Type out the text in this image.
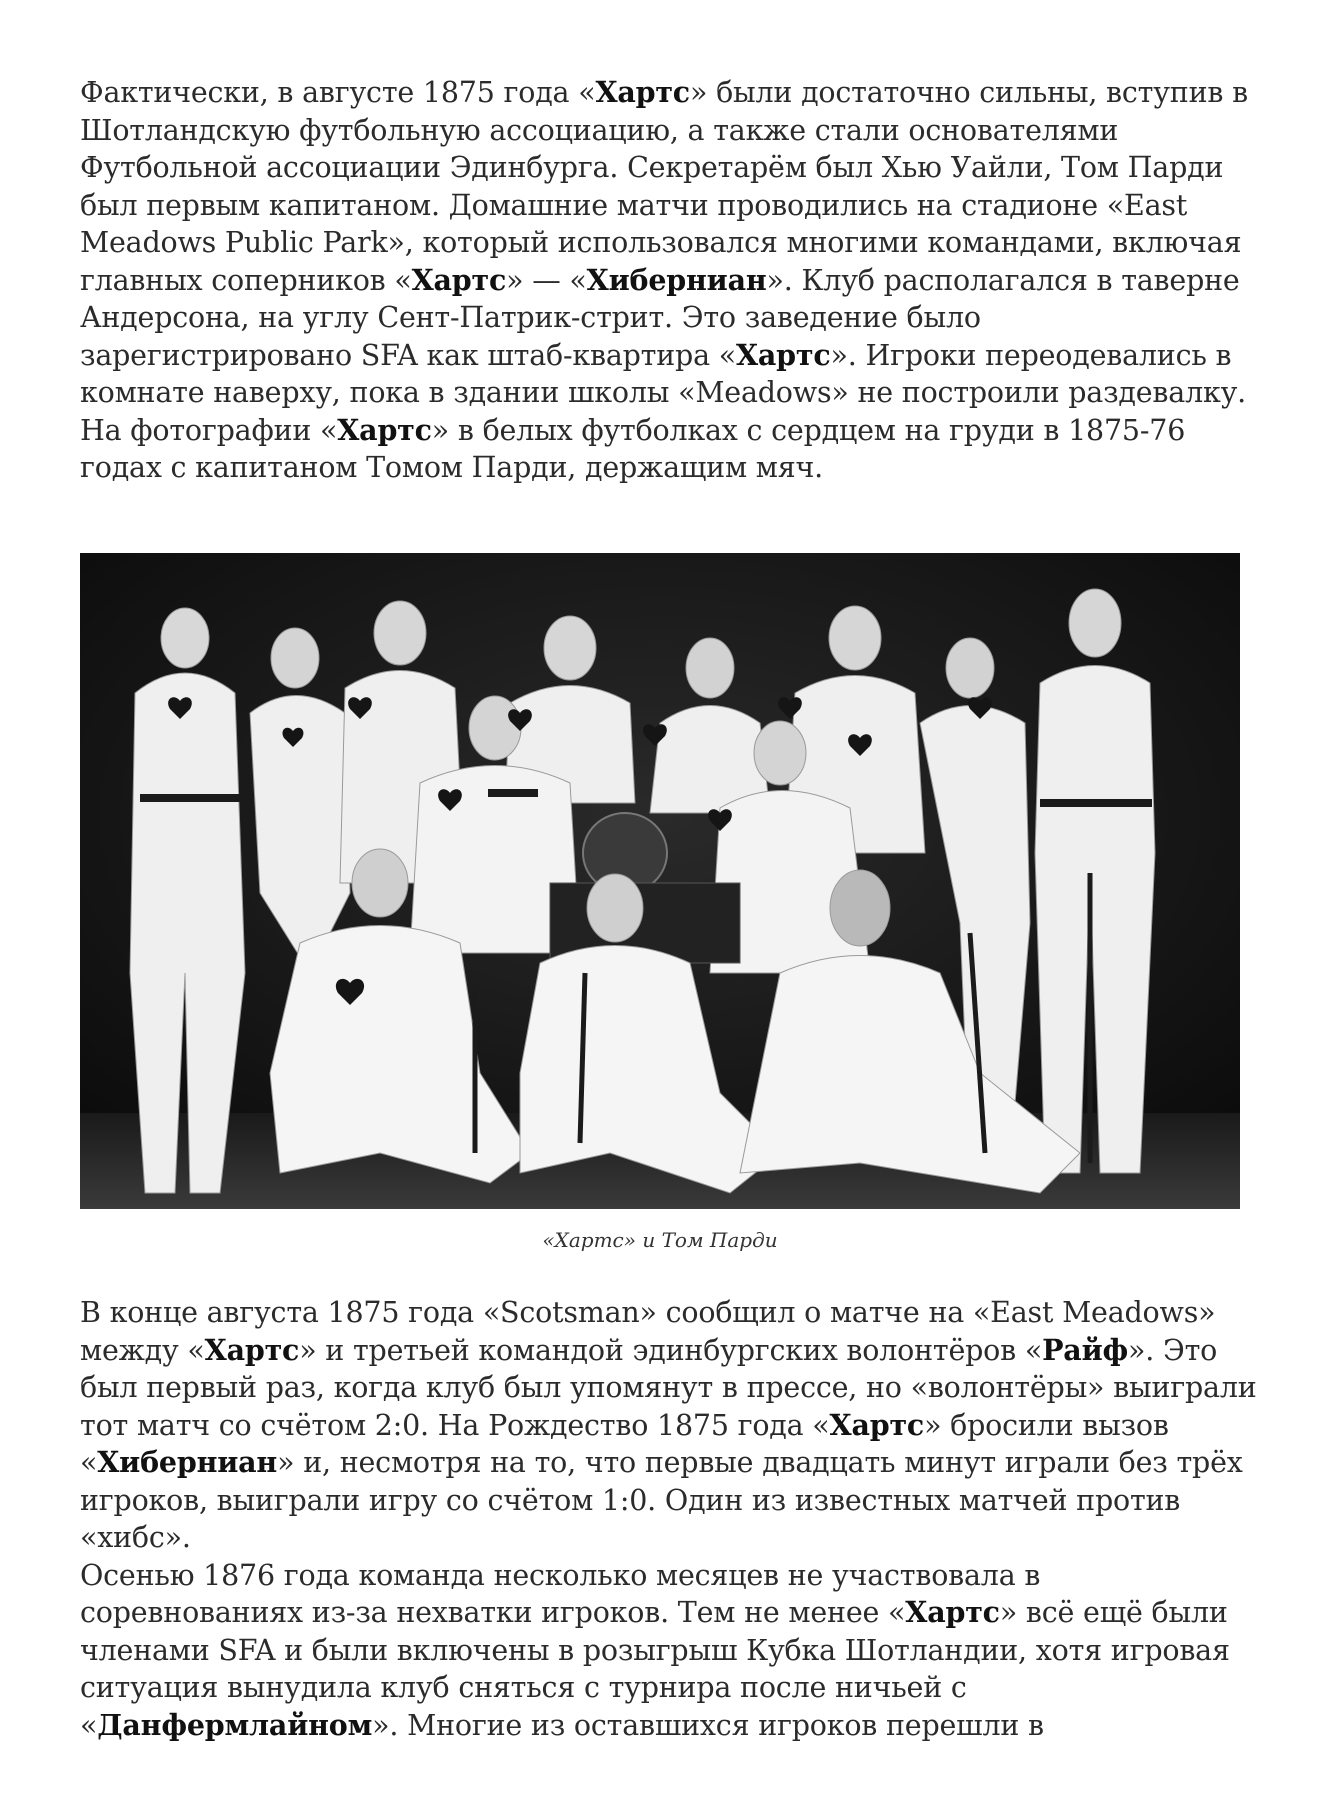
Фактически, в августе 1875 года «Хартс» были достаточно сильны, вступив в Шотландскую футбольную ассоциацию, а также стали основателями Футбольной ассоциации Эдинбурга. Секретарём был Хью Уайли, Том Парди был первым капитаном. Домашние матчи проводились на стадионе «East Meadows Public Park», который использовался многими командами, включая главных соперников «Хартс» — «Хиберниан». Клуб располагался в таверне Андерсона, на углу Сент-Патрик-стрит. Это заведение было зарегистрировано SFA как штаб-квартира «Хартс». Игроки переодевались в комнате наверху, пока в здании школы «Meadows» не построили раздевалку. На фотографии «Хартс» в белых футболках с сердцем на груди в 1875-76 годах с капитаном Томом Парди, держащим мяч.

«Хартс» и Том Парди

В конце августа 1875 года «Scotsman» сообщил о матче на «East Meadows» между «Хартс» и третьей командой эдинбургских волонтёров «Райф». Это был первый раз, когда клуб был упомянут в прессе, но «волонтёры» выиграли тот матч со счётом 2:0. На Рождество 1875 года «Хартс» бросили вызов «Хиберниан» и, несмотря на то, что первые двадцать минут играли без трёх игроков, выиграли игру со счётом 1:0. Один из известных матчей против «хибс».

Осенью 1876 года команда несколько месяцев не участвовала в соревнованиях из-за нехватки игроков. Тем не менее «Хартс» всё ещё были членами SFA и были включены в розыгрыш Кубка Шотландии, хотя игровая ситуация вынудила клуб сняться с турнира после ничьей с «Данфермлайном». Многие из оставшихся игроков перешли в
